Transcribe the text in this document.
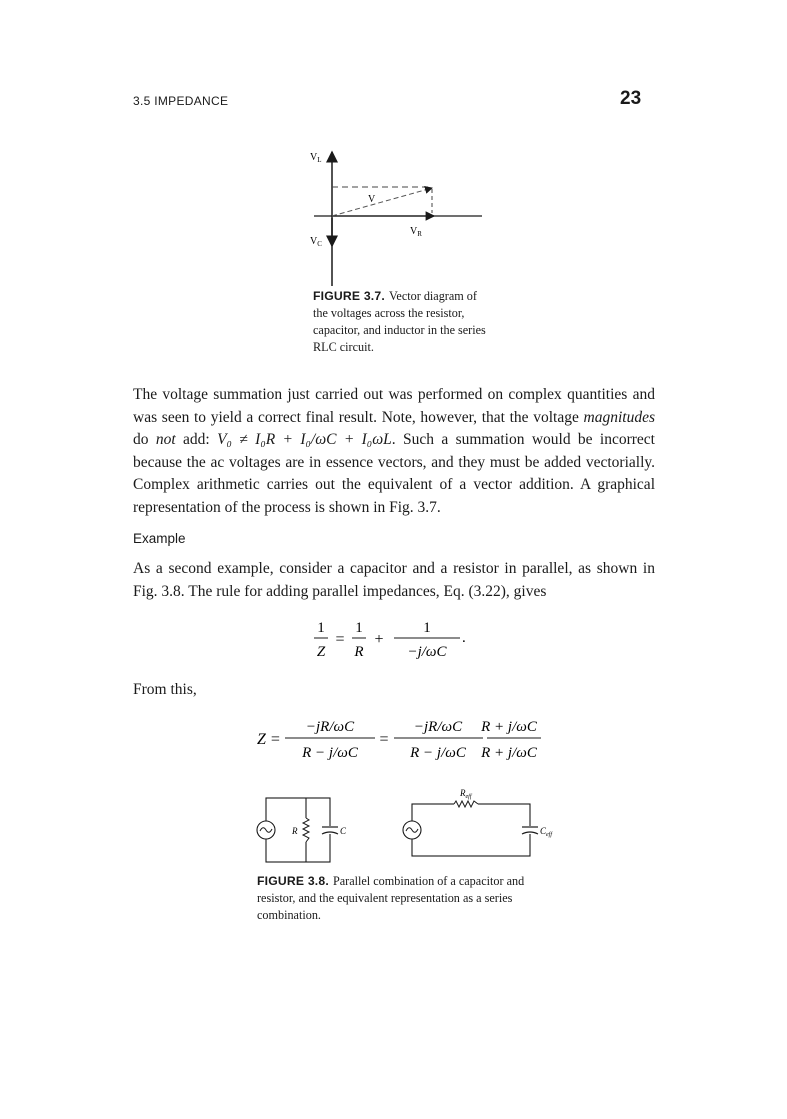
3.5 IMPEDANCE	23
$V_L$
V
$V_R$
$V_C$
FIGURE 3.7. Vector diagram of the voltages across the resistor, capacitor, and inductor in the series RLC circuit.

The voltage summation just carried out was performed on complex quantities and was seen to yield a correct final result. Note, however, that the voltage magnitudes do not add: V₀ ≠ I₀R + I₀/ωC + I₀ωL. Such a summation would be incorrect because the ac voltages are in essence vectors, and they must be added vectorially. Complex arithmetic carries out the equivalent of a vector addition. A graphical representation of the process is shown in Fig. 3.7.

Example

As a second example, consider a capacitor and a resistor in parallel, as shown in Fig. 3.8. The rule for adding parallel impedances, Eq. (3.22), gives

1
Z
=
1
R
+
1
−j/ωC
.
From this,
Z =
−jR/ωC
R − j/ωC
=
−jR/ωC
R − j/ωC
R + j/ωC
R + j/ωC
R	C
$R_{eff}$
$C_{eff}$
FIGURE 3.8. Parallel combination of a capacitor and resistor, and the equivalent representation as a series combination.
